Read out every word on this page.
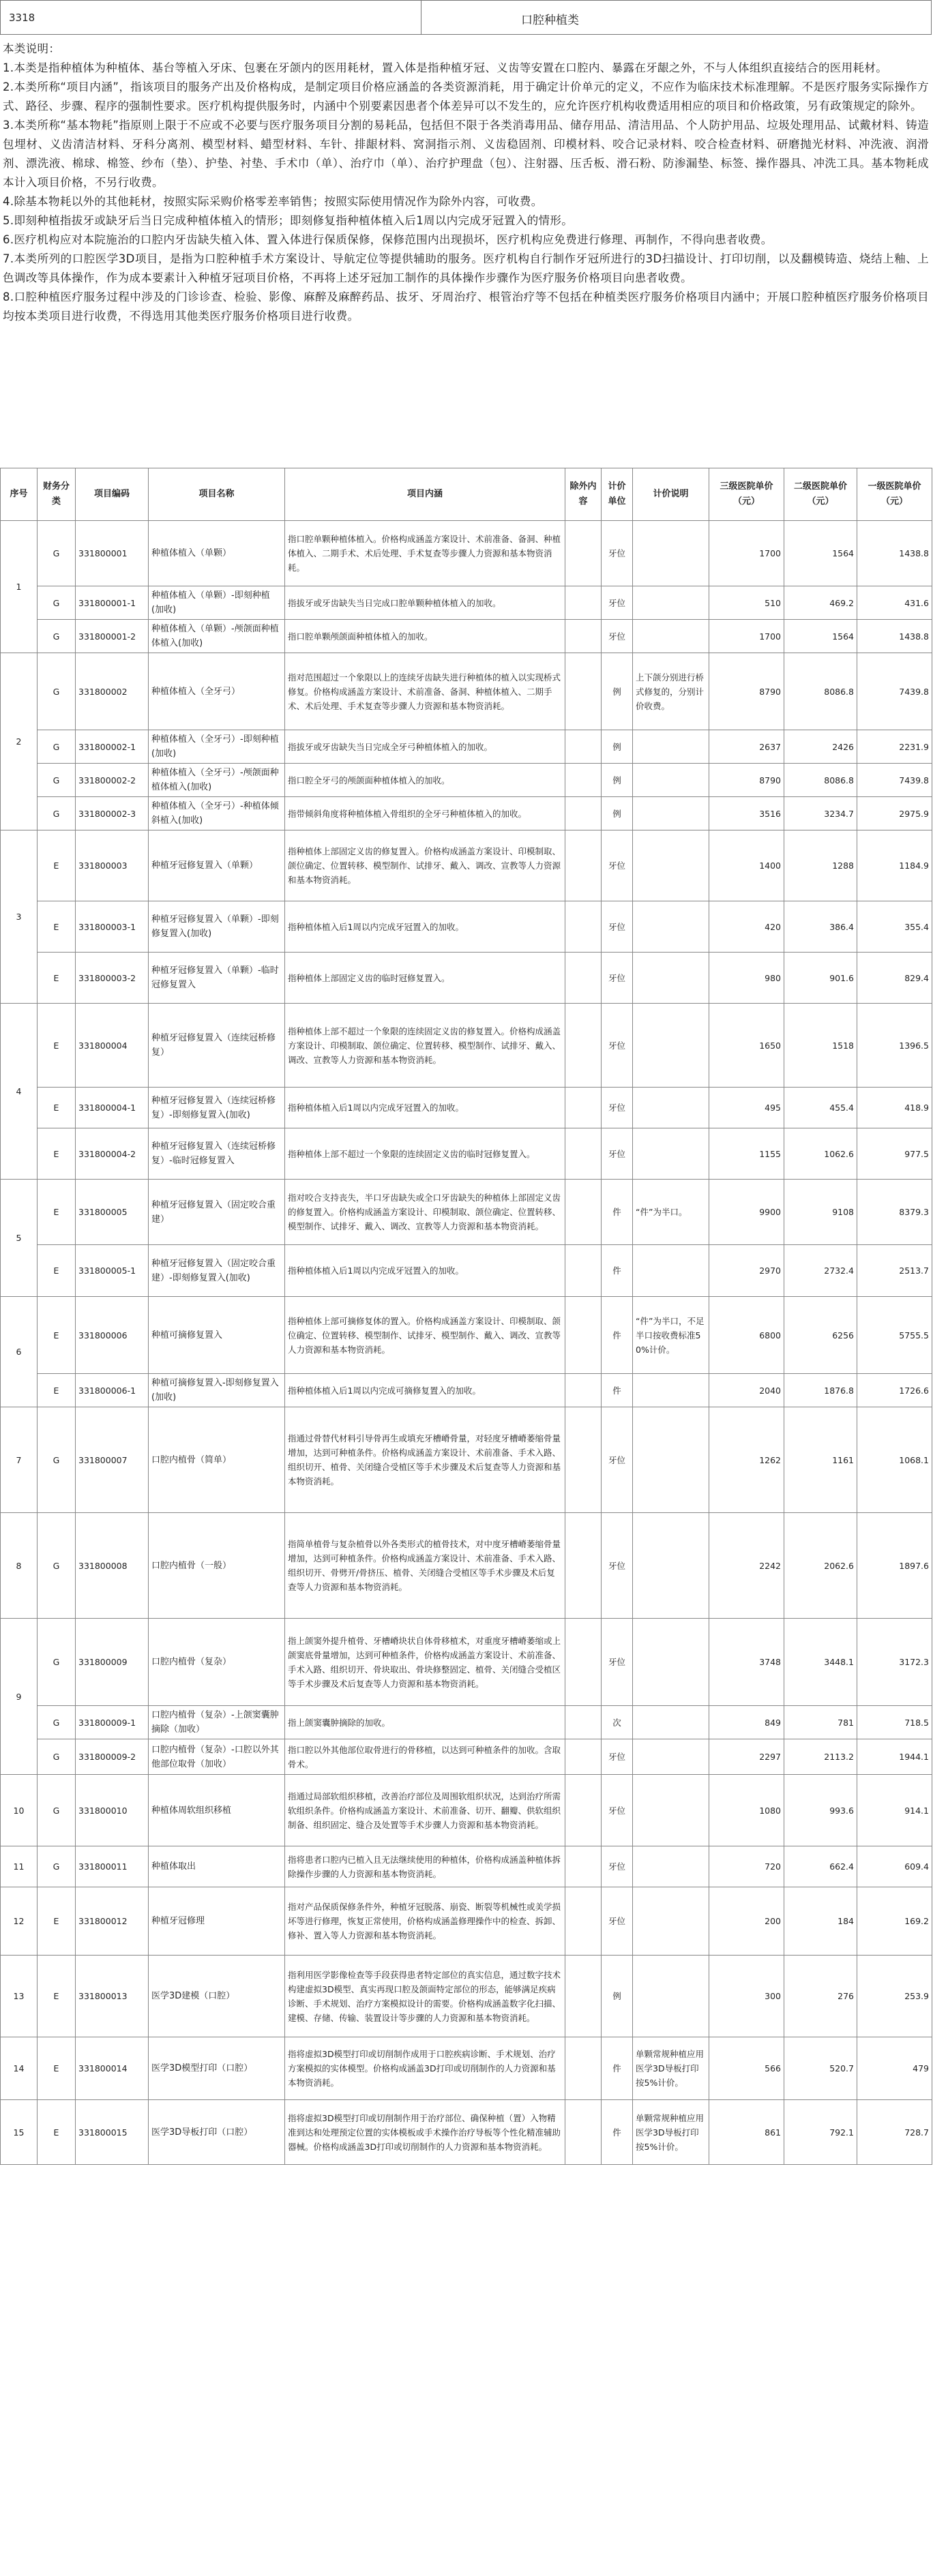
3318	口腔种植类

本类说明：

1.本类是指种植体为种植体、基台等植入牙床、包裹在牙颌内的医用耗材，置入体是指种植牙冠、义齿等安置在口腔内、暴露在牙龈之外，不与人体组织直接结合的医用耗材。

2.本类所称“项目内涵”，指该项目的服务产出及价格构成，是制定项目价格应涵盖的各类资源消耗，用于确定计价单元的定义，不应作为临床技术标准理解。不是医疗服务实际操作方式、路径、步骤、程序的强制性要求。医疗机构提供服务时，内涵中个别要素因患者个体差异可以不发生的，应允许医疗机构收费适用相应的项目和价格政策，另有政策规定的除外。

3.本类所称“基本物耗”指原则上限于不应或不必要与医疗服务项目分割的易耗品，包括但不限于各类消毒用品、储存用品、清洁用品、个人防护用品、垃圾处理用品、试戴材料、铸造包埋材、义齿清洁材料、牙科分离剂、模型材料、蜡型材料、车针、排龈材料、窝洞指示剂、义齿稳固剂、印模材料、咬合记录材料、咬合检查材料、研磨抛光材料、冲洗液、润滑剂、漂洗液、棉球、棉签、纱布（垫）、护垫、衬垫、手术巾（单）、治疗巾（单）、治疗护理盘（包）、注射器、压舌板、滑石粉、防渗漏垫、标签、操作器具、冲洗工具。基本物耗成本计入项目价格，不另行收费。

4.除基本物耗以外的其他耗材，按照实际采购价格零差率销售；按照实际使用情况作为除外内容，可收费。

5.即刻种植指拔牙或缺牙后当日完成种植体植入的情形；即刻修复指种植体植入后1周以内完成牙冠置入的情形。

6.医疗机构应对本院施治的口腔内牙齿缺失植入体、置入体进行保质保修，保修范围内出现损坏，医疗机构应免费进行修理、再制作，不得向患者收费。

7.本类所列的口腔医学3D项目，是指为口腔种植手术方案设计、导航定位等提供辅助的服务。医疗机构自行制作牙冠所进行的3D扫描设计、打印切削，以及翻模铸造、烧结上釉、上色调改等具体操作，作为成本要素计入种植牙冠项目价格，不再将上述牙冠加工制作的具体操作步骤作为医疗服务价格项目向患者收费。

8.口腔种植医疗服务过程中涉及的门诊诊查、检验、影像、麻醉及麻醉药品、拔牙、牙周治疗、根管治疗等不包括在种植类医疗服务价格项目内涵中；开展口腔种植医疗服务价格项目均按本类项目进行收费，不得选用其他类医疗服务价格项目进行收费。

序号	财务分类	项目编码	项目名称	项目内涵	除外内容	计价单位	计价说明	三级医院单价（元）	二级医院单价（元）	一级医院单价（元）
1	G	331800001	种植体植入（单颗）	指口腔单颗种植体植入。价格构成涵盖方案设计、术前准备、备洞、种植体植入、二期手术、术后处理、手术复查等步骤人力资源和基本物资消耗。		牙位		1700	1564	1438.8
	G	331800001-1	种植体植入（单颗）-即刻种植(加收)	指拔牙或牙齿缺失当日完成口腔单颗种植体植入的加收。		牙位		510	469.2	431.6
	G	331800001-2	种植体植入（单颗）-颅颌面种植体植入(加收)	指口腔单颗颅颌面种植体植入的加收。		牙位		1700	1564	1438.8
2	G	331800002	种植体植入（全牙弓）	指对范围超过一个象限以上的连续牙齿缺失进行种植体的植入以实现桥式修复。价格构成涵盖方案设计、术前准备、备洞、种植体植入、二期手术、术后处理、手术复查等步骤人力资源和基本物资消耗。		例	上下颌分别进行桥式修复的，分别计价收费。	8790	8086.8	7439.8
	G	331800002-1	种植体植入（全牙弓）-即刻种植(加收)	指拔牙或牙齿缺失当日完成全牙弓种植体植入的加收。		例		2637	2426	2231.9
	G	331800002-2	种植体植入（全牙弓）-颅颌面种植体植入(加收)	指口腔全牙弓的颅颌面种植体植入的加收。		例		8790	8086.8	7439.8
	G	331800002-3	种植体植入（全牙弓）-种植体倾斜植入(加收)	指带倾斜角度将种植体植入骨组织的全牙弓种植体植入的加收。		例		3516	3234.7	2975.9
3	E	331800003	种植牙冠修复置入（单颗）	指种植体上部固定义齿的修复置入。价格构成涵盖方案设计、印模制取、颌位确定、位置转移、模型制作、试排牙、戴入、调改、宣教等人力资源和基本物资消耗。		牙位		1400	1288	1184.9
	E	331800003-1	种植牙冠修复置入（单颗）-即刻修复置入(加收)	指种植体植入后1周以内完成牙冠置入的加收。		牙位		420	386.4	355.4
	E	331800003-2	种植牙冠修复置入（单颗）-临时冠修复置入	指种植体上部固定义齿的临时冠修复置入。		牙位		980	901.6	829.4
4	E	331800004	种植牙冠修复置入（连续冠桥修复）	指种植体上部不超过一个象限的连续固定义齿的修复置入。价格构成涵盖方案设计、印模制取、颌位确定、位置转移、模型制作、试排牙、戴入、调改、宣教等人力资源和基本物资消耗。		牙位		1650	1518	1396.5
	E	331800004-1	种植牙冠修复置入（连续冠桥修复）-即刻修复置入(加收)	指种植体植入后1周以内完成牙冠置入的加收。		牙位		495	455.4	418.9
	E	331800004-2	种植牙冠修复置入（连续冠桥修复）-临时冠修复置入	指种植体上部不超过一个象限的连续固定义齿的临时冠修复置入。		牙位		1155	1062.6	977.5
5	E	331800005	种植牙冠修复置入（固定咬合重建）	指对咬合支持丧失，半口牙齿缺失或全口牙齿缺失的种植体上部固定义齿的修复置入。价格构成涵盖方案设计、印模制取、颌位确定、位置转移、模型制作、试排牙、戴入、调改、宣教等人力资源和基本物资消耗。		件	“件”为半口。	9900	9108	8379.3
	E	331800005-1	种植牙冠修复置入（固定咬合重建）-即刻修复置入(加收)	指种植体植入后1周以内完成牙冠置入的加收。		件		2970	2732.4	2513.7
6	E	331800006	种植可摘修复置入	指种植体上部可摘修复体的置入。价格构成涵盖方案设计、印模制取、颌位确定、位置转移、模型制作、试排牙、模型制作、戴入、调改、宣教等人力资源和基本物资消耗。		件	“件”为半口，不足半口按收费标准50%计价。	6800	6256	5755.5
	E	331800006-1	种植可摘修复置入-即刻修复置入(加收)	指种植体植入后1周以内完成可摘修复置入的加收。		件		2040	1876.8	1726.6
7	G	331800007	口腔内植骨（简单）	指通过骨替代材料引导骨再生或填充牙槽嵴骨量，对轻度牙槽嵴萎缩骨量增加，达到可种植条件。价格构成涵盖方案设计、术前准备、手术入路、组织切开、植骨、关闭缝合受植区等手术步骤及术后复查等人力资源和基本物资消耗。		牙位		1262	1161	1068.1
8	G	331800008	口腔内植骨（一般）	指简单植骨与复杂植骨以外各类形式的植骨技术，对中度牙槽嵴萎缩骨量增加，达到可种植条件。价格构成涵盖方案设计、术前准备、手术入路、组织切开、骨劈开/骨挤压、植骨、关闭缝合受植区等手术步骤及术后复查等人力资源和基本物资消耗。		牙位		2242	2062.6	1897.6
9	G	331800009	口腔内植骨（复杂）	指上颌窦外提升植骨、牙槽嵴块状自体骨移植术，对重度牙槽嵴萎缩或上颌窦底骨量增加，达到可种植条件，价格构成涵盖方案设计、术前准备、手术入路、组织切开、骨块取出、骨块修整固定、植骨、关闭缝合受植区等手术步骤及术后复查等人力资源和基本物资消耗。		牙位		3748	3448.1	3172.3
	G	331800009-1	口腔内植骨（复杂）-上颌窦囊肿摘除（加收）	指上颌窦囊肿摘除的加收。		次		849	781	718.5
	G	331800009-2	口腔内植骨（复杂）-口腔以外其他部位取骨（加收）	指口腔以外其他部位取骨进行的骨移植，以达到可种植条件的加收。含取骨术。		牙位		2297	2113.2	1944.1
10	G	331800010	种植体周软组织移植	指通过局部软组织移植，改善治疗部位及周围软组织状况，达到治疗所需软组织条件。价格构成涵盖方案设计、术前准备、切开、翻瓣、供软组织制备、组织固定、缝合及处置等手术步骤人力资源和基本物资消耗。		牙位		1080	993.6	914.1
11	G	331800011	种植体取出	指将患者口腔内已植入且无法继续使用的种植体，价格构成涵盖种植体拆除操作步骤的人力资源和基本物资消耗。		牙位		720	662.4	609.4
12	E	331800012	种植牙冠修理	指对产品保质保修条件外，种植牙冠脱落、崩瓷、断裂等机械性或美学损坏等进行修理，恢复正常使用，价格构成涵盖修理操作中的检查、拆卸、修补、置入等人力资源和基本物资消耗。		牙位		200	184	169.2
13	E	331800013	医学3D建模（口腔）	指利用医学影像检查等手段获得患者特定部位的真实信息，通过数字技术构建虚拟3D模型、真实再现口腔及颌面特定部位的形态，能够满足疾病诊断、手术规划、治疗方案模拟设计的需要。价格构成涵盖数字化扫描、建模、存储、传输、装置设计等步骤的人力资源和基本物资消耗。		例		300	276	253.9
14	E	331800014	医学3D模型打印（口腔）	指将虚拟3D模型打印或切削制作成用于口腔疾病诊断、手术规划、治疗方案模拟的实体模型。价格构成涵盖3D打印或切削制作的人力资源和基本物资消耗。		件	单颗常规种植应用医学3D导板打印按5%计价。	566	520.7	479
15	E	331800015	医学3D导板打印（口腔）	指将虚拟3D模型打印或切削制作用于治疗部位、确保种植（置）入物精准到达和处理预定位置的实体模板或手术操作治疗导板等个性化精准辅助器械。价格构成涵盖3D打印或切削制作的人力资源和基本物资消耗。		件	单颗常规种植应用医学3D导板打印按5%计价。	861	792.1	728.7
